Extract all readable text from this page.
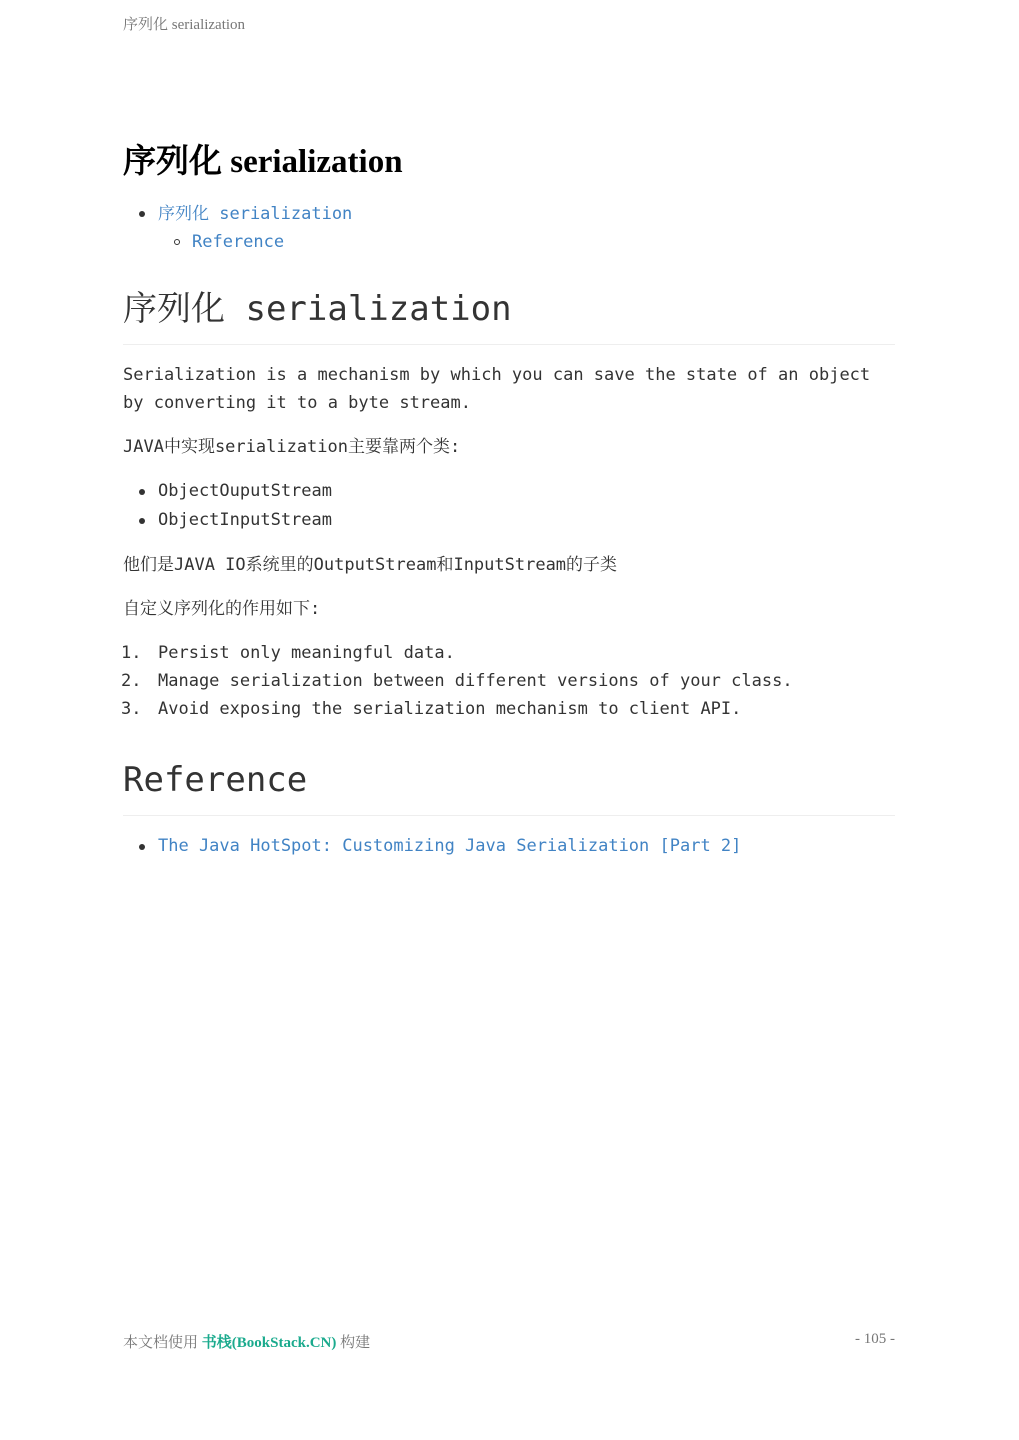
序列化 serialization
序列化 serialization
序列化 serialization
Reference
序列化 serialization

Serialization is a mechanism by which you can save the state of an object by converting it to a byte stream.

JAVA中实现serialization主要靠两个类:

ObjectOuputStream
ObjectInputStream

他们是JAVA IO系统里的OutputStream和InputStream的子类

自定义序列化的作用如下:

1. Persist only meaningful data.
2. Manage serialization between different versions of your class.
3. Avoid exposing the serialization mechanism to client API.
Reference
The Java HotSpot: Customizing Java Serialization [Part 2]
本文档使用 书栈(BookStack.CN) 构建	- 105 -
